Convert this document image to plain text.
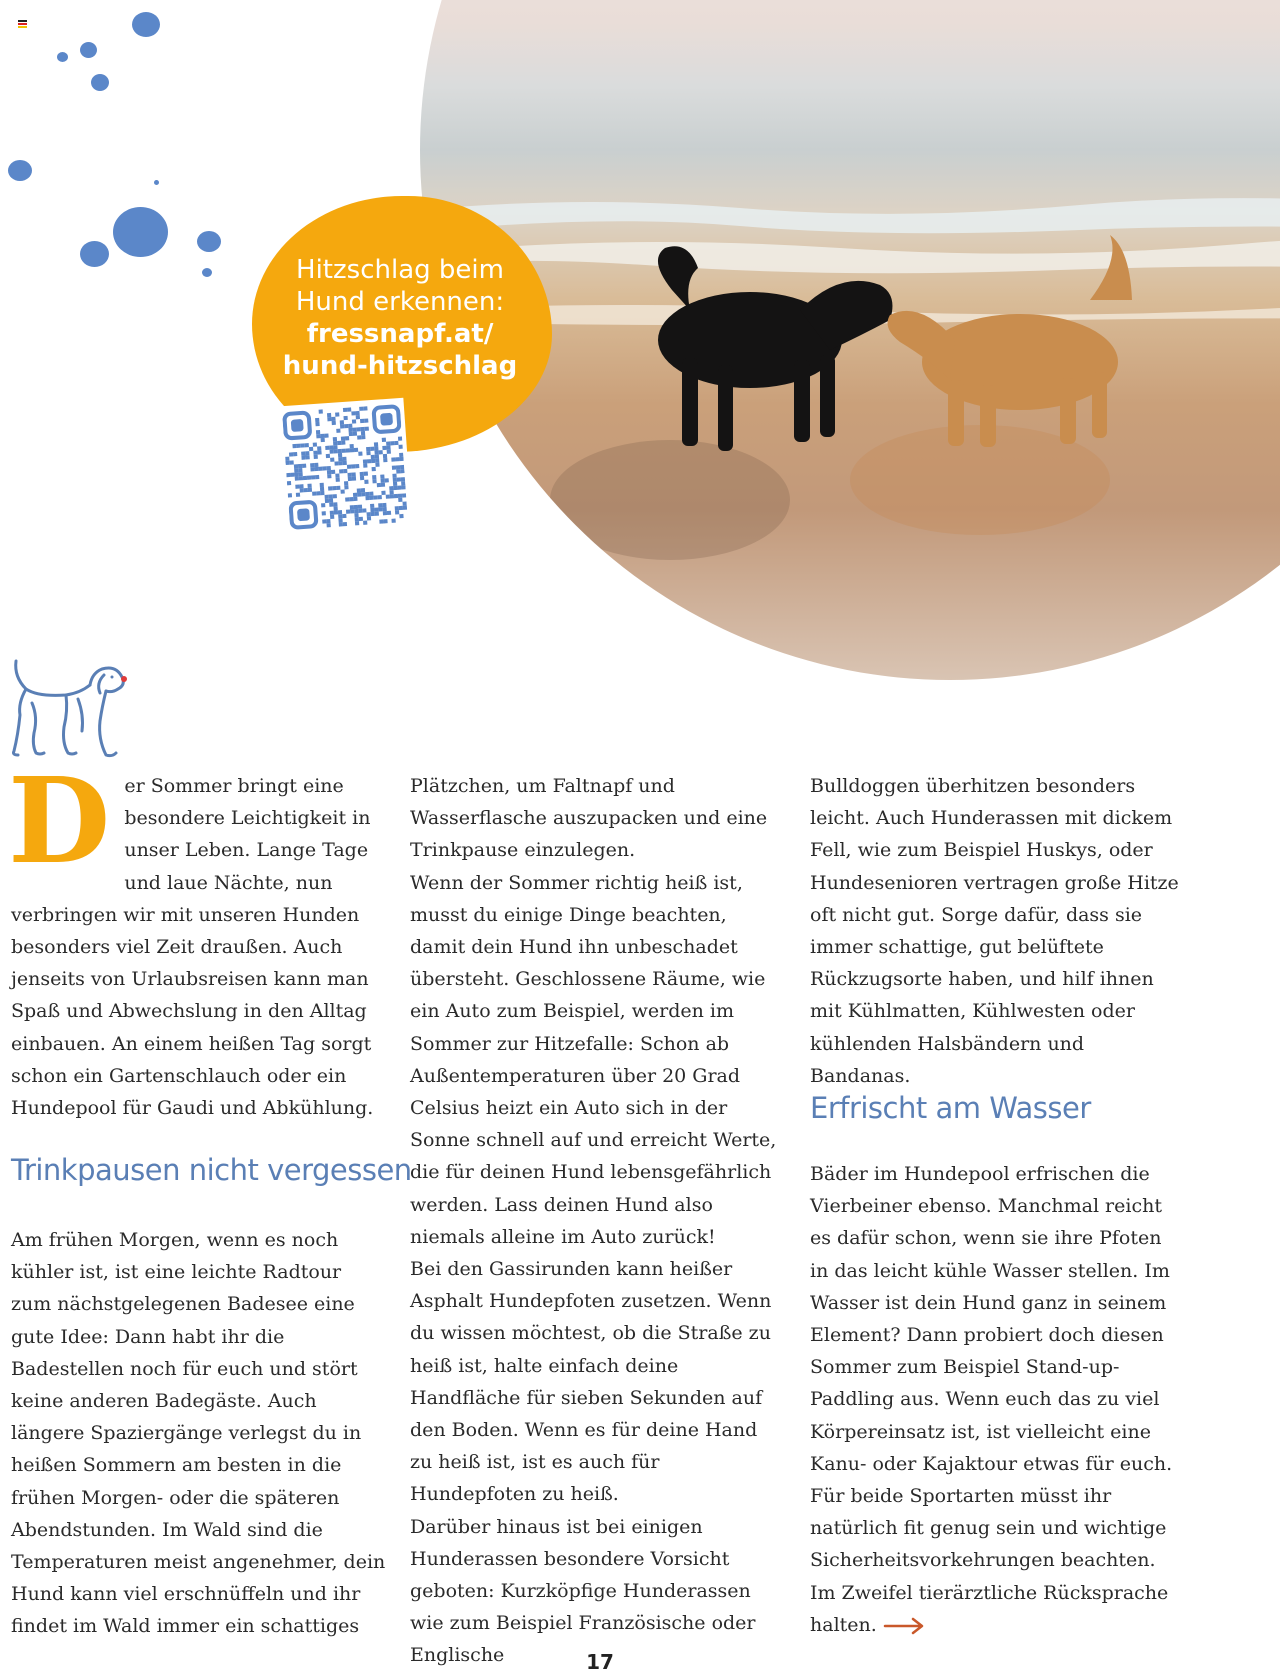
Hitzschlag beim
Hund erkennen:
fressnapf.at/
hund-hitzschlag
D er Sommer bringt eine besondere Leichtigkeit in unser Leben. Lange Tage und laue Nächte, nun verbringen wir mit unseren Hunden besonders viel Zeit draußen. Auch jenseits von Urlaubsreisen kann man Spaß und Abwechslung in den Alltag einbauen. An einem heißen Tag sorgt schon ein Gartenschlauch oder ein Hundepool für Gaudi und Abkühlung.

Trinkpausen nicht vergessen

Am frühen Morgen, wenn es noch kühler ist, ist eine leichte Radtour zum nächstgelegenen Badesee eine gute Idee: Dann habt ihr die Badestellen noch für euch und stört keine anderen Badegäste. Auch längere Spaziergänge verlegst du in heißen Sommern am besten in die frühen Morgen- oder die späteren Abendstunden. Im Wald sind die Temperaturen meist angenehmer, dein Hund kann viel erschnüffeln und ihr findet im Wald immer ein schattiges

Plätzchen, um Faltnapf und Wasserflasche auszupacken und eine Trinkpause einzulegen.

Wenn der Sommer richtig heiß ist, musst du einige Dinge beachten, damit dein Hund ihn unbeschadet übersteht. Geschlossene Räume, wie ein Auto zum Beispiel, werden im Sommer zur Hitzefalle: Schon ab Außentemperaturen über 20 Grad Celsius heizt ein Auto sich in der Sonne schnell auf und erreicht Werte, die für deinen Hund lebensgefährlich werden. Lass deinen Hund also niemals alleine im Auto zurück!

Bei den Gassirunden kann heißer Asphalt Hundepfoten zusetzen. Wenn du wissen möchtest, ob die Straße zu heiß ist, halte einfach deine Handfläche für sieben Sekunden auf den Boden. Wenn es für deine Hand zu heiß ist, ist es auch für Hundepfoten zu heiß.

Darüber hinaus ist bei einigen Hunderassen besondere Vorsicht geboten: Kurzköpfige Hunderassen wie zum Beispiel Französische oder Englische

Bulldoggen überhitzen besonders leicht. Auch Hunderassen mit dickem Fell, wie zum Beispiel Huskys, oder Hundesenioren vertragen große Hitze oft nicht gut. Sorge dafür, dass sie immer schattige, gut belüftete Rückzugsorte haben, und hilf ihnen mit Kühlmatten, Kühlwesten oder kühlenden Halsbändern und Bandanas.

Erfrischt am Wasser

Bäder im Hundepool erfrischen die Vierbeiner ebenso. Manchmal reicht es dafür schon, wenn sie ihre Pfoten in das leicht kühle Wasser stellen. Im Wasser ist dein Hund ganz in seinem Element? Dann probiert doch diesen Sommer zum Beispiel Stand-up-Paddling aus. Wenn euch das zu viel Körpereinsatz ist, ist vielleicht eine Kanu- oder Kajaktour etwas für euch. Für beide Sportarten müsst ihr natürlich fit genug sein und wichtige Sicherheitsvorkehrungen beachten. Im Zweifel tierärztliche Rücksprache halten.

17
